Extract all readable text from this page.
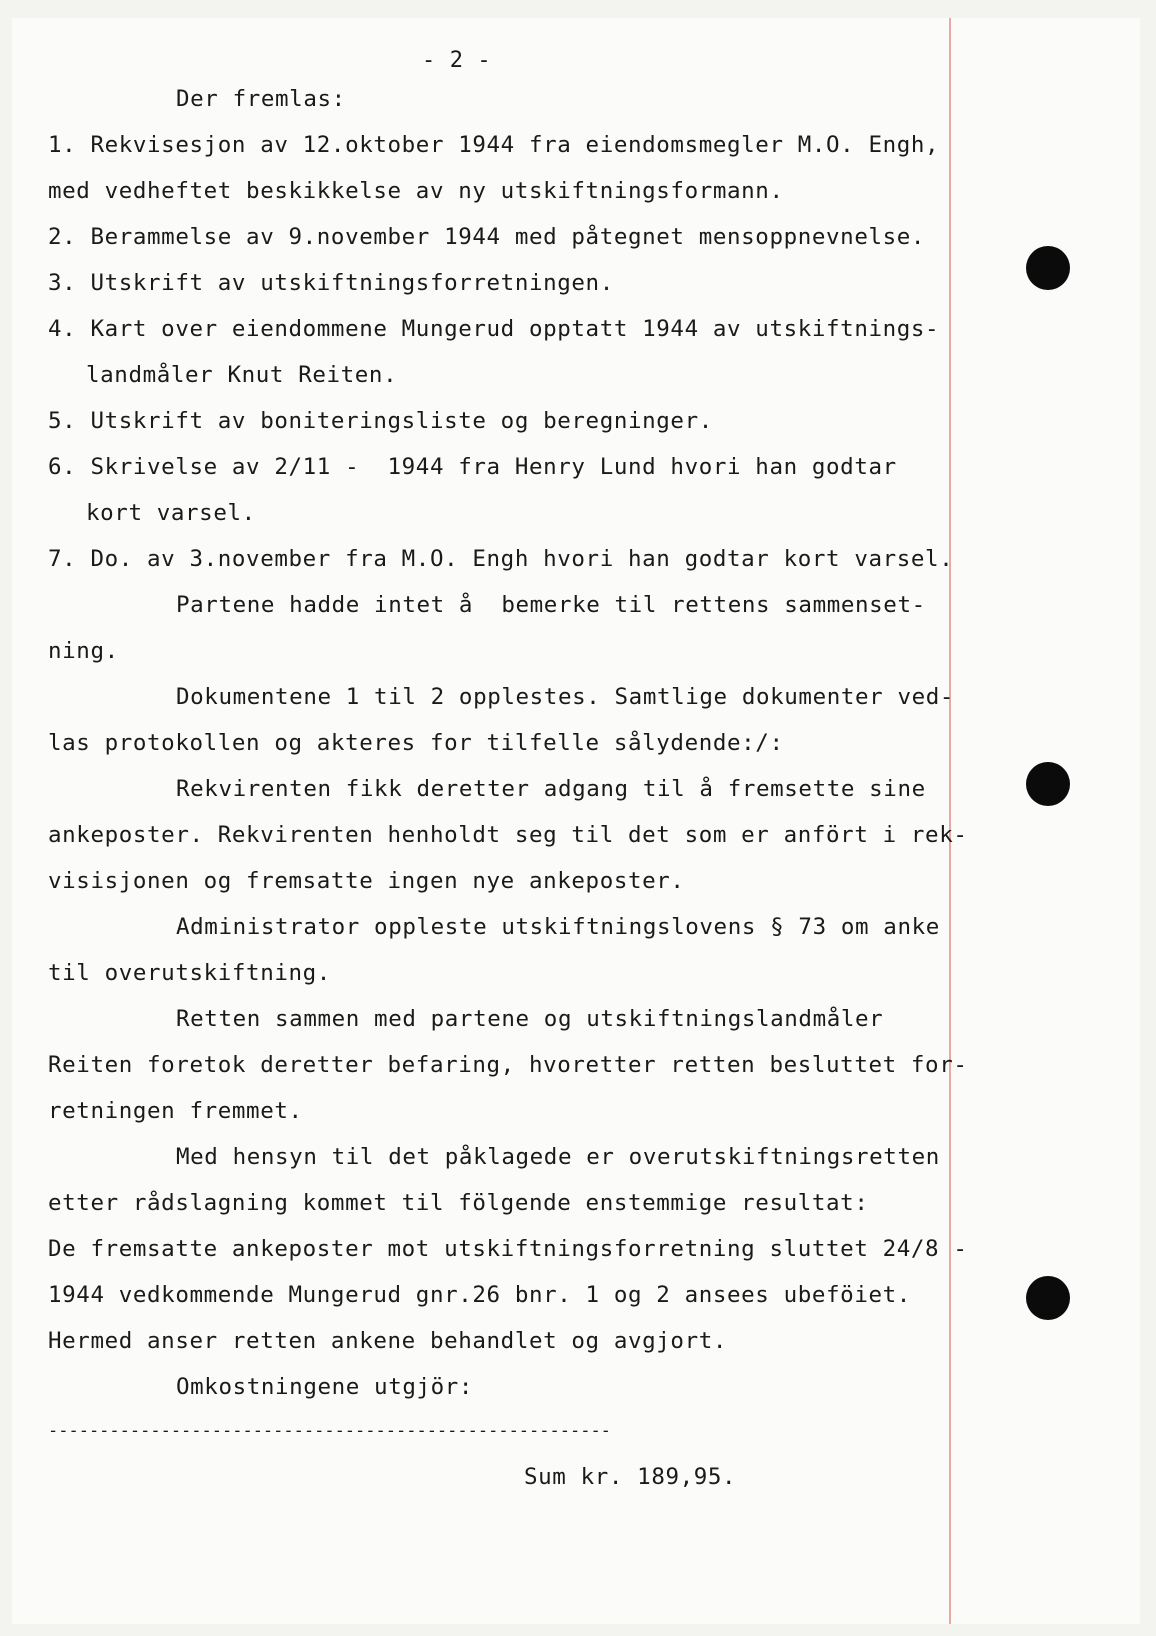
- 2 -
Der fremlas:
1. Rekvisesjon av 12.oktober 1944 fra eiendomsmegler M.O. Engh,
med vedheftet beskikkelse av ny utskiftningsformann.
2. Berammelse av 9.november 1944 med påtegnet mensoppnevnelse.
3. Utskrift av utskiftningsforretningen.
4. Kart over eiendommene Mungerud opptatt 1944 av utskiftnings-
landmåler Knut Reiten.
5. Utskrift av boniteringsliste og beregninger.
6. Skrivelse av 2/11 -  1944 fra Henry Lund hvori han godtar
kort varsel.
7. Do. av 3.november fra M.O. Engh hvori han godtar kort varsel.
Partene hadde intet å  bemerke til rettens sammenset-
ning.
Dokumentene 1 til 2 opplestes. Samtlige dokumenter ved-
las protokollen og akteres for tilfelle sålydende:/:
Rekvirenten fikk deretter adgang til å fremsette sine
ankeposter. Rekvirenten henholdt seg til det som er anfört i rek-
visisjonen og fremsatte ingen nye ankeposter.
Administrator oppleste utskiftningslovens § 73 om anke
til overutskiftning.
Retten sammen med partene og utskiftningslandmåler
Reiten foretok deretter befaring, hvoretter retten besluttet for-
retningen fremmet.
Med hensyn til det påklagede er overutskiftningsretten
etter rådslagning kommet til fölgende enstemmige resultat:
De fremsatte ankeposter mot utskiftningsforretning sluttet 24/8 -
1944 vedkommende Mungerud gnr.26 bnr. 1 og 2 ansees ubeföiet.
Hermed anser retten ankene behandlet og avgjort.
Omkostningene utgjör:
-------------------------------------------------------
Sum kr. 189,95.
